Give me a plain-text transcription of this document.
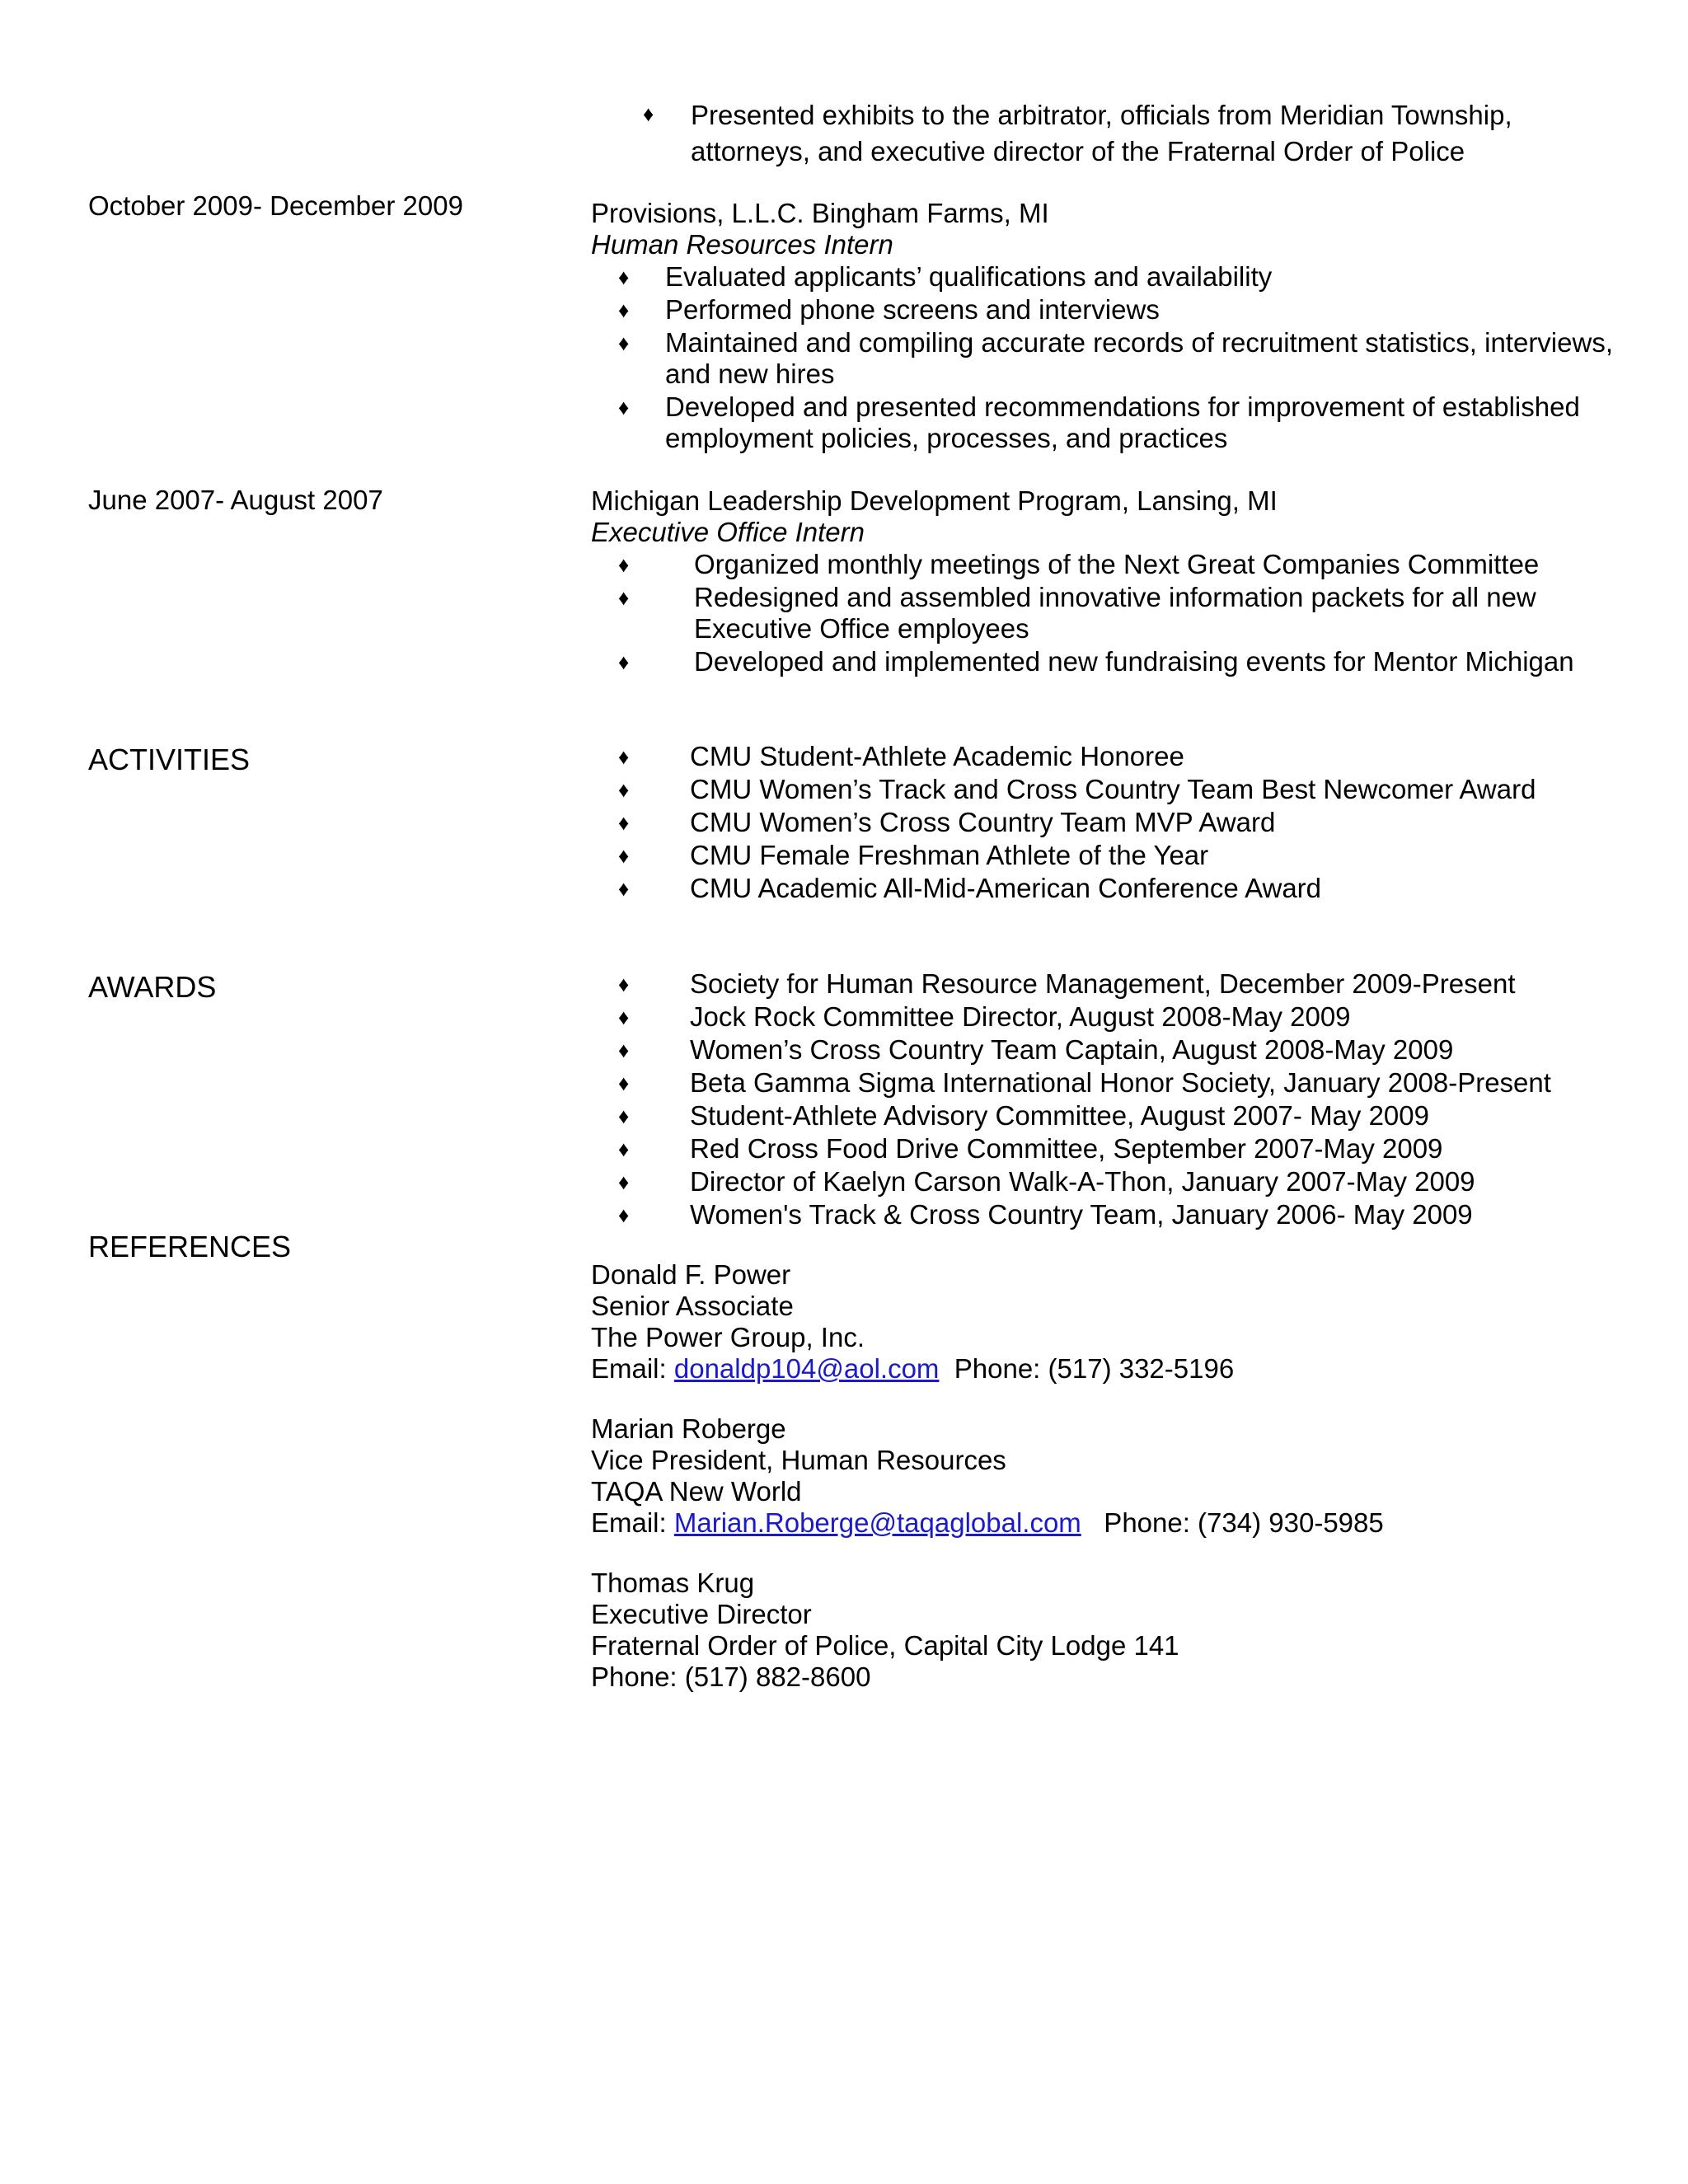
♦ Presented exhibits to the arbitrator, officials from Meridian Township, attorneys, and executive director of the Fraternal Order of Police
October 2009- December 2009	Provisions, L.L.C. Bingham Farms, MI
Human Resources Intern
♦ Evaluated applicants’ qualifications and availability
♦ Performed phone screens and interviews
♦ Maintained and compiling accurate records of recruitment statistics, interviews, and new hires
♦ Developed and presented recommendations for improvement of established employment policies, processes, and practices
June 2007- August 2007	Michigan Leadership Development Program, Lansing, MI
Executive Office Intern
♦ Organized monthly meetings of the Next Great Companies Committee
♦ Redesigned and assembled innovative information packets for all new Executive Office employees
♦ Developed and implemented new fundraising events for Mentor Michigan
ACTIVITIES	♦ CMU Student-Athlete Academic Honoree
♦ CMU Women’s Track and Cross Country Team Best Newcomer Award
♦ CMU Women’s Cross Country Team MVP Award
♦ CMU Female Freshman Athlete of the Year
♦ CMU Academic All-Mid-American Conference Award
AWARDS	♦ Society for Human Resource Management, December 2009-Present
♦ Jock Rock Committee Director, August 2008-May 2009
♦ Women’s Cross Country Team Captain, August 2008-May 2009
♦ Beta Gamma Sigma International Honor Society, January 2008-Present
♦ Student-Athlete Advisory Committee, August 2007- May 2009
♦ Red Cross Food Drive Committee, September 2007-May 2009
♦ Director of Kaelyn Carson Walk-A-Thon, January 2007-May 2009
♦ Women's Track & Cross Country Team, January 2006- May 2009
REFERENCES
Donald F. Power
Senior Associate
The Power Group, Inc.
Email: donaldp104@aol.com  Phone: (517) 332-5196
Marian Roberge
Vice President, Human Resources
TAQA New World
Email: Marian.Roberge@taqaglobal.com   Phone: (734) 930-5985
Thomas Krug
Executive Director
Fraternal Order of Police, Capital City Lodge 141
Phone: (517) 882-8600
